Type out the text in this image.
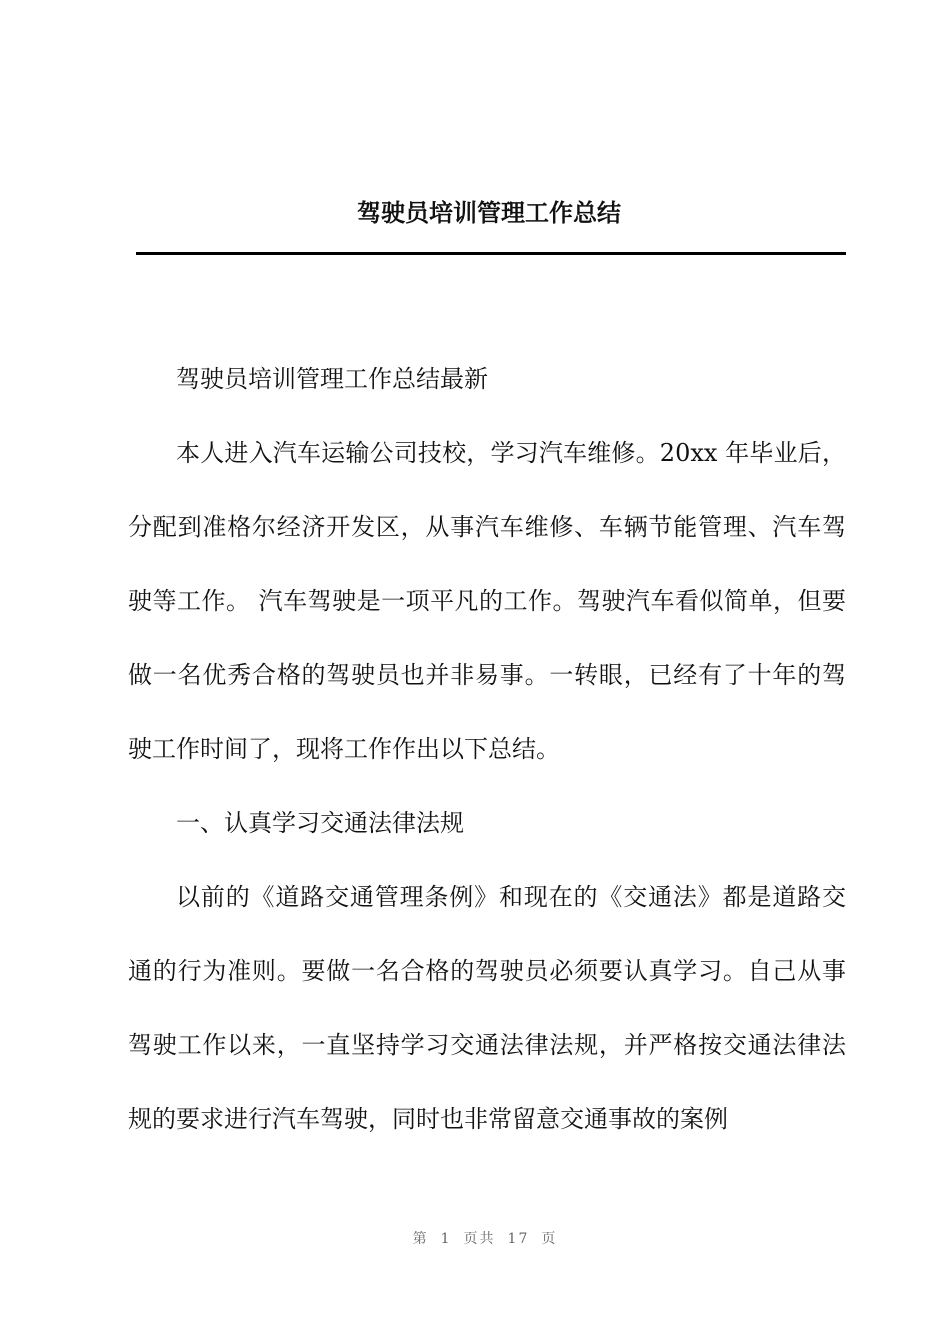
驾驶员培训管理工作总结

驾驶员培训管理工作总结最新

本人进入汽车运输公司技校，学习汽车维修。20xx 年毕业后，分配到准格尔经济开发区，从事汽车维修、车辆节能管理、汽车驾驶等工作。 汽车驾驶是一项平凡的工作。驾驶汽车看似简单，但要做一名优秀合格的驾驶员也并非易事。一转眼，已经有了十年的驾驶工作时间了，现将工作作出以下总结。

一、认真学习交通法律法规

以前的《道路交通管理条例》和现在的《交通法》都是道路交通的行为准则。要做一名合格的驾驶员必须要认真学习。自己从事驾驶工作以来，一直坚持学习交通法律法规，并严格按交通法律法规的要求进行汽车驾驶，同时也非常留意交通事故的案例

第 1 页共 17 页
